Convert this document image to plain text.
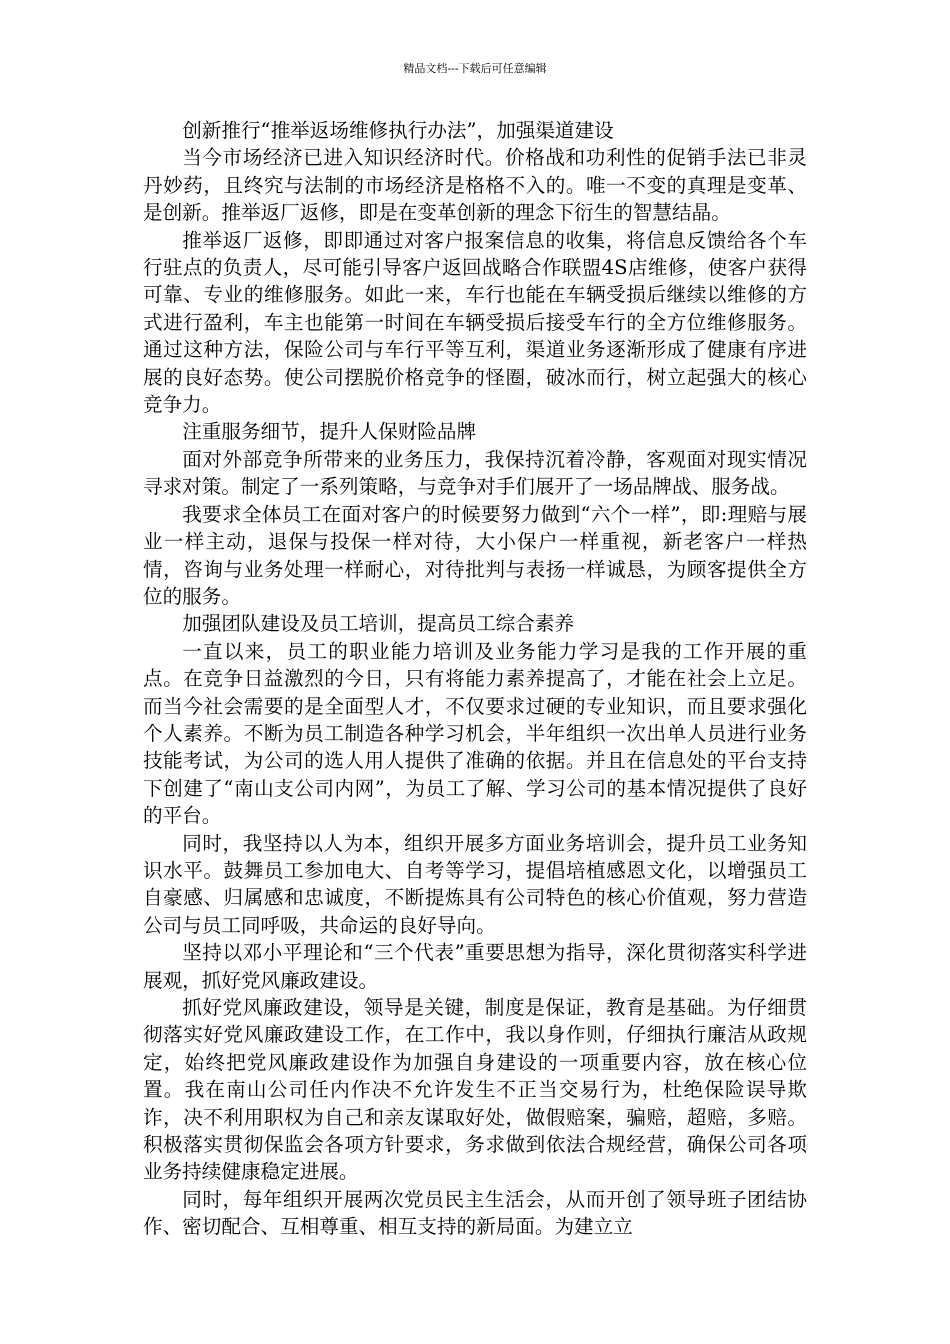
精品文档---下载后可任意编辑

创新推行“推举返场维修执行办法”，加强渠道建设

当今市场经济已进入知识经济时代。价格战和功利性的促销手法已非灵丹妙药，且终究与法制的市场经济是格格不入的。唯一不变的真理是变革、是创新。推举返厂返修，即是在变革创新的理念下衍生的智慧结晶。

推举返厂返修，即即通过对客户报案信息的收集，将信息反馈给各个车行驻点的负责人，尽可能引导客户返回战略合作联盟4S店维修，使客户获得可靠、专业的维修服务。如此一来，车行也能在车辆受损后继续以维修的方式进行盈利，车主也能第一时间在车辆受损后接受车行的全方位维修服务。通过这种方法，保险公司与车行平等互利，渠道业务逐渐形成了健康有序进展的良好态势。使公司摆脱价格竞争的怪圈，破冰而行，树立起强大的核心竞争力。

注重服务细节，提升人保财险品牌

面对外部竞争所带来的业务压力，我保持沉着冷静，客观面对现实情况寻求对策。制定了一系列策略，与竞争对手们展开了一场品牌战、服务战。

我要求全体员工在面对客户的时候要努力做到“六个一样”，即:理赔与展业一样主动，退保与投保一样对待，大小保户一样重视，新老客户一样热情，咨询与业务处理一样耐心，对待批判与表扬一样诚恳，为顾客提供全方位的服务。

加强团队建设及员工培训，提高员工综合素养

一直以来，员工的职业能力培训及业务能力学习是我的工作开展的重点。在竞争日益激烈的今日，只有将能力素养提高了，才能在社会上立足。而当今社会需要的是全面型人才，不仅要求过硬的专业知识，而且要求强化个人素养。不断为员工制造各种学习机会，半年组织一次出单人员进行业务技能考试，为公司的选人用人提供了准确的依据。并且在信息处的平台支持下创建了“南山支公司内网”，为员工了解、学习公司的基本情况提供了良好的平台。

同时，我坚持以人为本，组织开展多方面业务培训会，提升员工业务知识水平。鼓舞员工参加电大、自考等学习，提倡培植感恩文化，以增强员工自豪感、归属感和忠诚度，不断提炼具有公司特色的核心价值观，努力营造公司与员工同呼吸，共命运的良好导向。

坚持以邓小平理论和“三个代表”重要思想为指导，深化贯彻落实科学进展观，抓好党风廉政建设。

抓好党风廉政建设，领导是关键，制度是保证，教育是基础。为仔细贯彻落实好党风廉政建设工作，在工作中，我以身作则，仔细执行廉洁从政规定，始终把党风廉政建设作为加强自身建设的一项重要内容，放在核心位置。我在南山公司任内作决不允许发生不正当交易行为，杜绝保险误导欺诈，决不利用职权为自己和亲友谋取好处，做假赔案，骗赔，超赔，多赔。积极落实贯彻保监会各项方针要求，务求做到依法合规经营，确保公司各项业务持续健康稳定进展。

同时，每年组织开展两次党员民主生活会，从而开创了领导班子团结协作、密切配合、互相尊重、相互支持的新局面。为建立立
